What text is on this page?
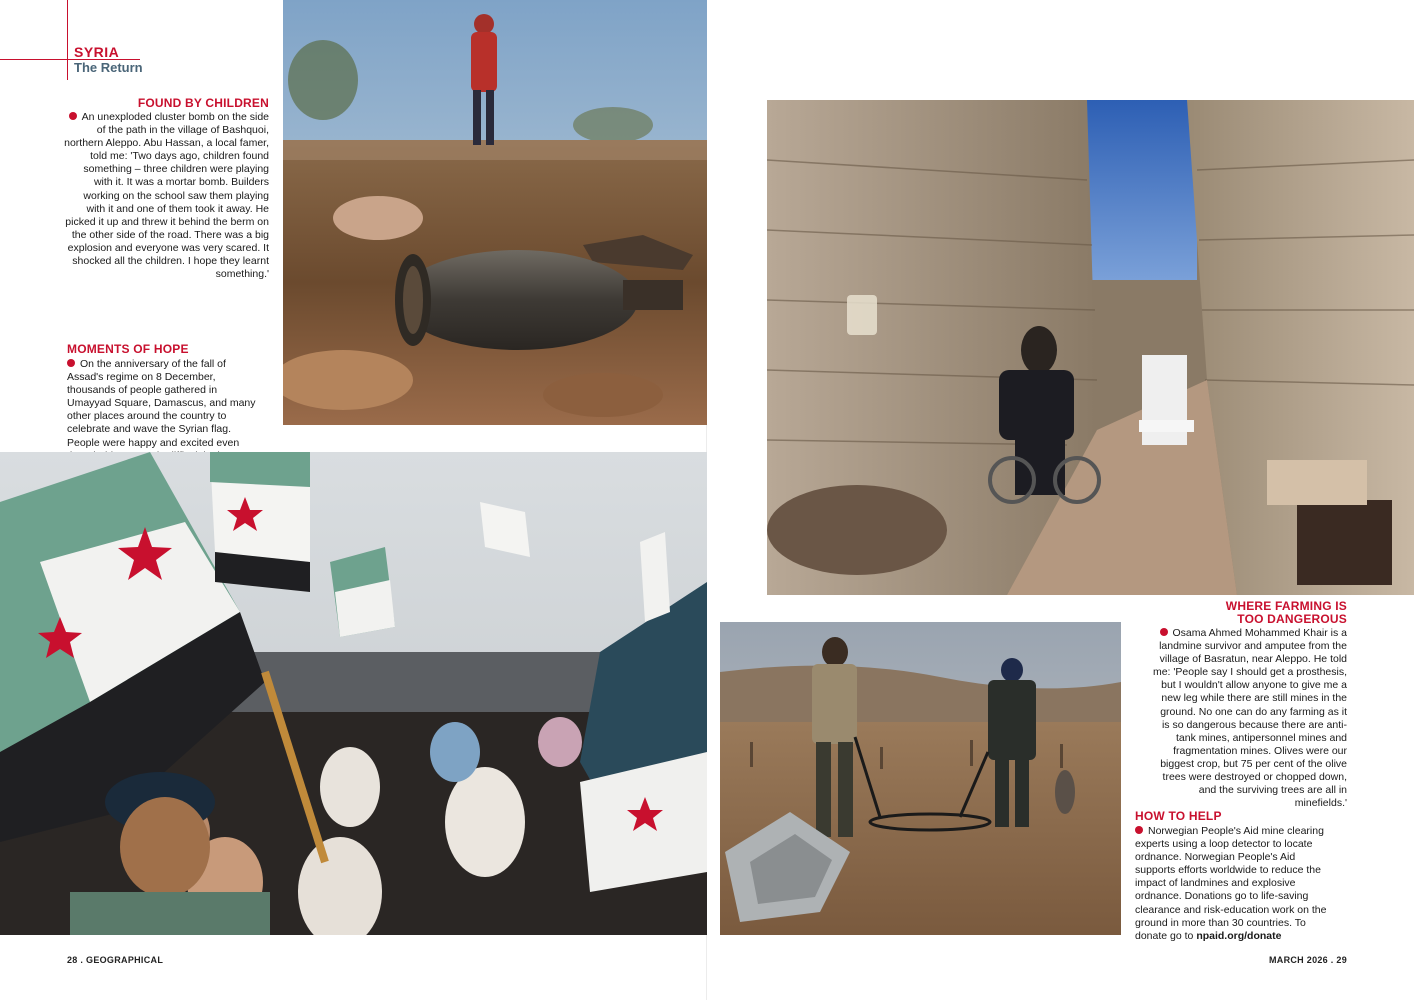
SYRIA
The Return
FOUND BY CHILDREN
An unexploded cluster bomb on the side of the path in the village of Bashquoi, northern Aleppo. Abu Hassan, a local famer, told me: 'Two days ago, children found something – three children were playing with it. It was a mortar bomb. Builders working on the school saw them playing with it and one of them took it away. He picked it up and threw it behind the berm on the other side of the road. There was a big explosion and everyone was very scared. It shocked all the children. I hope they learnt something.'
MOMENTS OF HOPE
On the anniversary of the fall of Assad's regime on 8 December, thousands of people gathered in Umayyad Square, Damascus, and many other places around the country to celebrate and wave the Syrian flag. People were happy and excited even
WHERE FARMING IS
TOO DANGEROUS
Osama Ahmed Mohammed Khair is a landmine survivor and amputee from the village of Basratun, near Aleppo. He told me: 'People say I should get a prosthesis, but I wouldn't allow anyone to give me a new leg while there are still mines in the ground. No one can do any farming as it is so dangerous because there are anti-tank mines, antipersonnel mines and fragmentation mines. Olives were our biggest crop, but 75 per cent of the olive trees were destroyed or chopped down, and the surviving trees are all in minefields.'
HOW TO HELP
Norwegian People's Aid mine clearing experts using a loop detector to locate ordnance. Norwegian People's Aid supports efforts worldwide to reduce the impact of landmines and explosive ordnance. Donations go to life-saving clearance and risk-education work on the ground in more than 30 countries. To donate go to npaid.org/donate
28 . GEOGRAPHICAL	MARCH 2026 . 29
